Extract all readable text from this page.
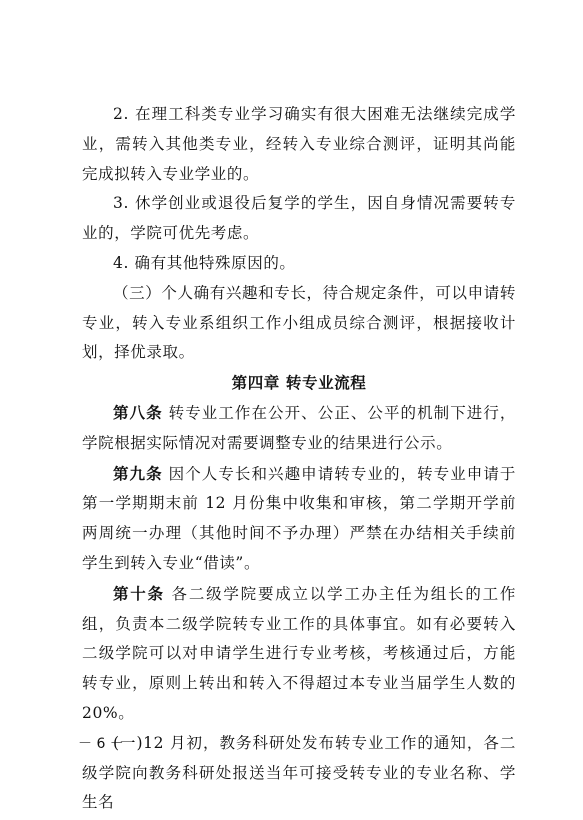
2. 在理工科类专业学习确实有很大困难无法继续完成学业，需转入其他类专业，经转入专业综合测评，证明其尚能完成拟转入专业学业的。

3. 休学创业或退役后复学的学生，因自身情况需要转专业的，学院可优先考虑。

4. 确有其他特殊原因的。

（三）个人确有兴趣和专长，待合规定条件，可以申请转专业，转入专业系组织工作小组成员综合测评，根据接收计划，择优录取。

第四章 转专业流程

第八条 转专业工作在公开、公正、公平的机制下进行，学院根据实际情况对需要调整专业的结果进行公示。

第九条 因个人专长和兴趣申请转专业的，转专业申请于第一学期期末前 12 月份集中收集和审核，第二学期开学前两周统一办理（其他时间不予办理）严禁在办结相关手续前学生到转入专业“借读”。

第十条 各二级学院要成立以学工办主任为组长的工作组，负责本二级学院转专业工作的具体事宜。如有必要转入二级学院可以对申请学生进行专业考核，考核通过后，方能转专业，原则上转出和转入不得超过本专业当届学生人数的 20%。

(一)12 月初，教务科研处发布转专业工作的通知，各二级学院向教务科研处报送当年可接受转专业的专业名称、学生名

－ 6 －
